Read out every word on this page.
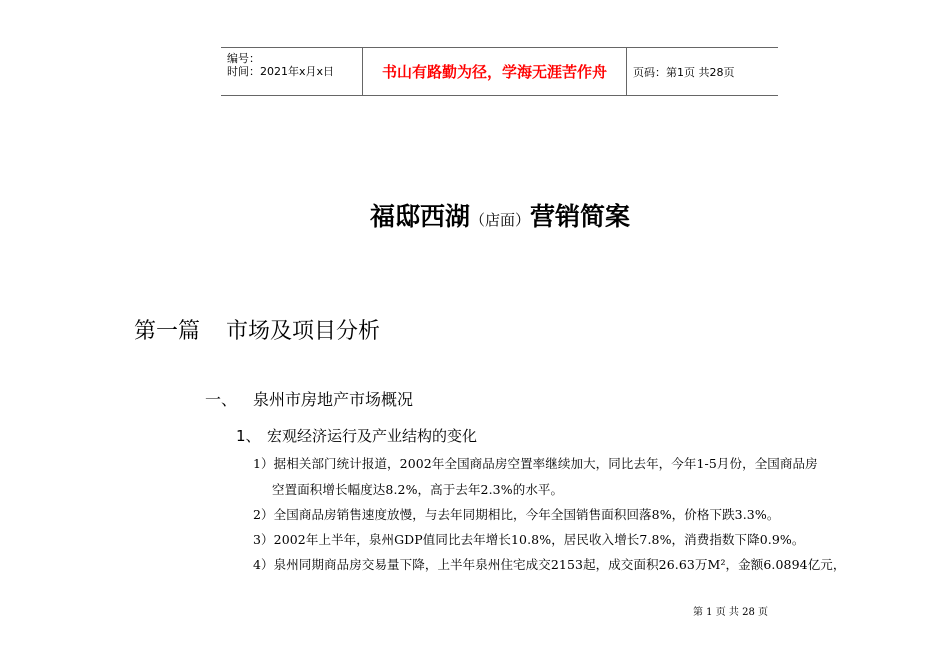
编号：
时间：2021年x月x日	书山有路勤为径，学海无涯苦作舟	页码：第1页 共28页
福邸西湖（店面）营销简案
第一篇 市场及项目分析
一、 泉州市房地产市场概况
1、 宏观经济运行及产业结构的变化
1）据相关部门统计报道，2002年全国商品房空置率继续加大，同比去年，今年1-5月份，全国商品房
空置面积增长幅度达8.2%，高于去年2.3%的水平。
2）全国商品房销售速度放慢，与去年同期相比，今年全国销售面积回落8%，价格下跌3.3%。
3）2002年上半年，泉州GDP值同比去年增长10.8%，居民收入增长7.8%，消费指数下降0.9%。
4）泉州同期商品房交易量下降，上半年泉州住宅成交2153起，成交面积26.63万M²，金额6.0894亿元，
第 1 页 共 28 页
